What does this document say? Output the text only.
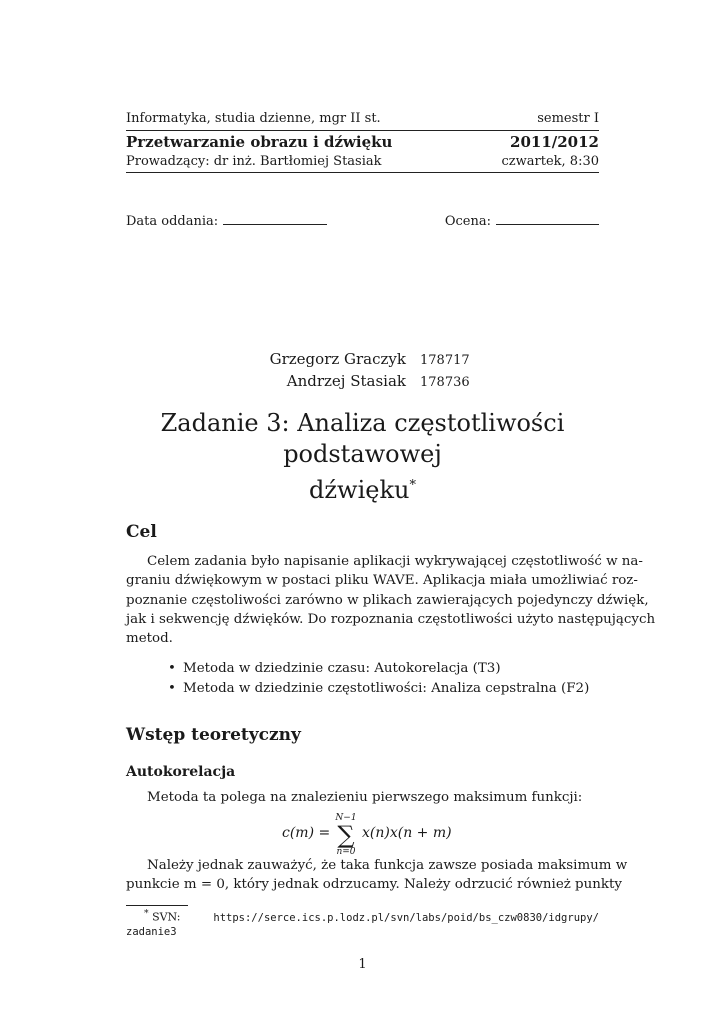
Informatyka, studia dzienne, mgr II st.	semestr I
Przetwarzanie obrazu i dźwięku	2011/2012
Prowadzący: dr inż. Bartłomiej Stasiak	czwartek, 8:30
Data oddania:	Ocena:
Grzegorz Graczyk 178717
Andrzej Stasiak 178736
Zadanie 3: Analiza częstotliwości podstawowej
dźwięku*
Cel
Celem zadania było napisanie aplikacji wykrywającej częstotliwość w na-
graniu dźwiękowym w postaci pliku WAVE. Aplikacja miała umożliwiać roz-
poznanie częstoliwości zarówno w plikach zawierających pojedynczy dźwięk,
jak i sekwencję dźwięków. Do rozpoznania częstotliwości użyto następujących
metod.
• Metoda w dziedzinie czasu: Autokorelacja (T3)
• Metoda w dziedzinie częstotliwości: Analiza cepstralna (F2)
Wstęp teoretyczny
Autokorelacja
Metoda ta polega na znalezieniu pierwszego maksimum funkcji:
c(m) =
N−1
∑
n=0
x(n)x(n + m)
Należy jednak zauważyć, że taka funkcja zawsze posiada maksimum w
punkcie m = 0, który jednak odrzucamy. Należy odrzucić również punkty
* SVN:	https://serce.ics.p.lodz.pl/svn/labs/poid/bs_czw0830/idgrupy/
zadanie3
1
